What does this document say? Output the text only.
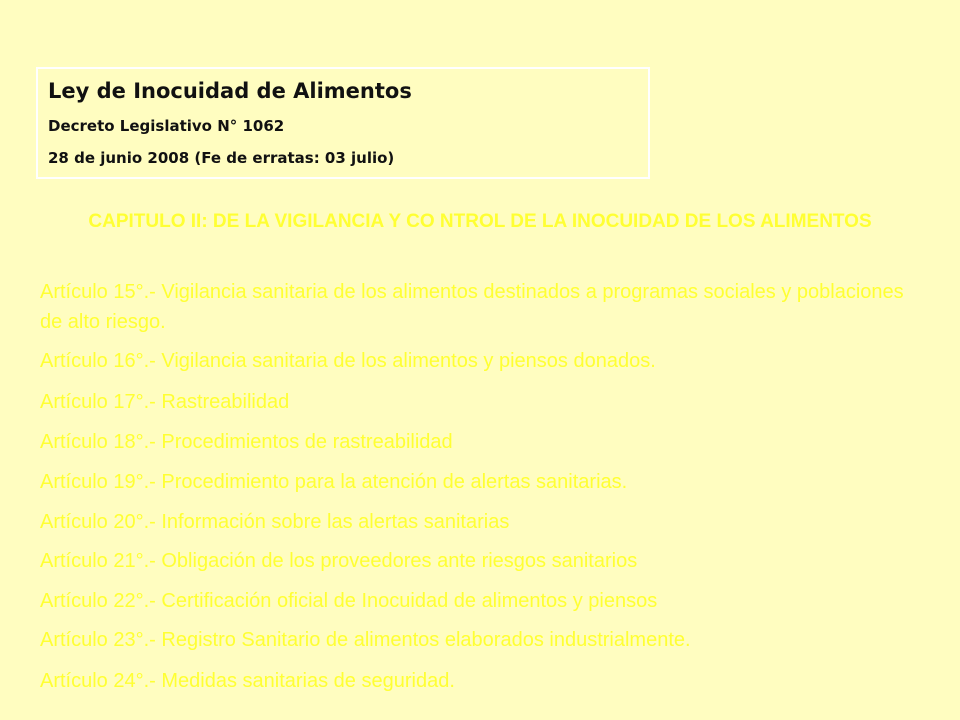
Ley de Inocuidad de Alimentos
Decreto Legislativo N° 1062
28 de junio 2008 (Fe de erratas: 03 julio)
CAPITULO II: DE LA VIGILANCIA Y CO NTROL DE LA INOCUIDAD DE LOS ALIMENTOS
Artículo 15°.- Vigilancia sanitaria de los alimentos destinados a programas sociales y poblaciones de alto riesgo.
Artículo 16°.- Vigilancia sanitaria de los alimentos y piensos donados.
Artículo 17°.- Rastreabilidad
Artículo 18°.- Procedimientos de rastreabilidad
Artículo 19°.- Procedimiento para la atención de alertas sanitarias.
Artículo 20°.- Información sobre las alertas sanitarias
Artículo 21°.- Obligación de los proveedores ante riesgos sanitarios
Artículo 22°.- Certificación oficial de Inocuidad de alimentos y piensos
Artículo 23°.- Registro Sanitario de alimentos elaborados industrialmente.
Artículo 24°.- Medidas sanitarias de seguridad.
